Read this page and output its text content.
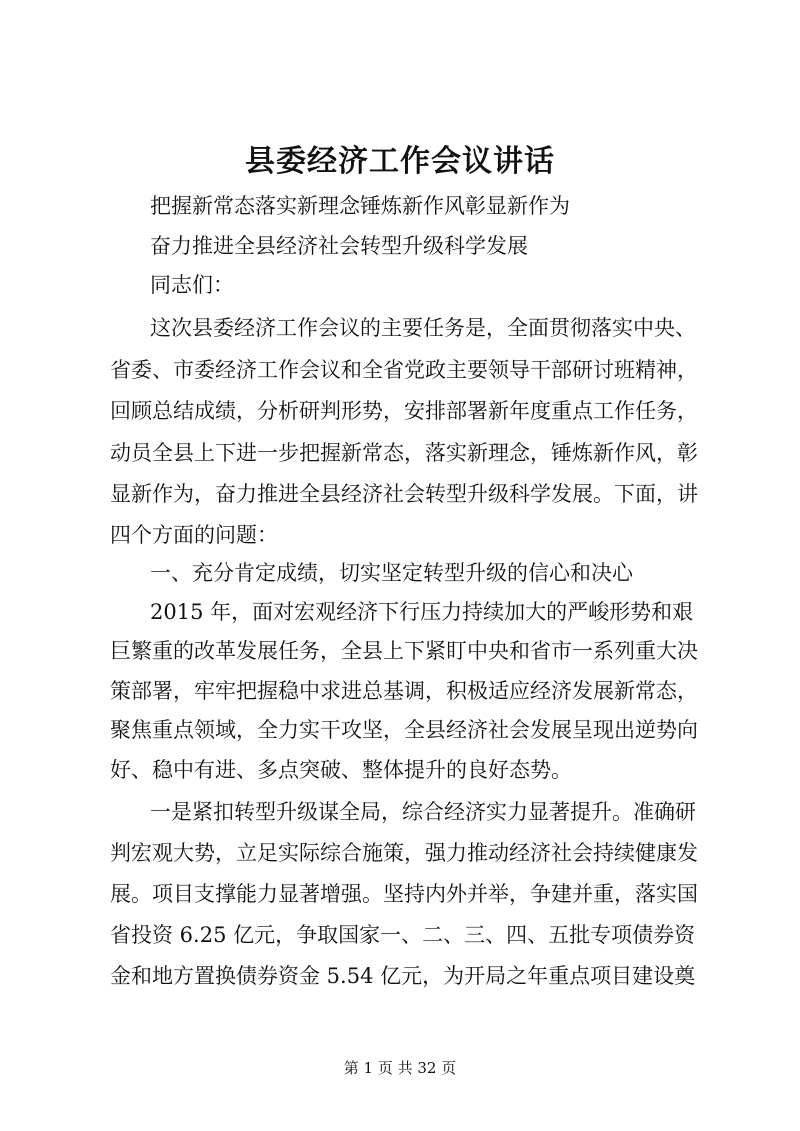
县委经济工作会议讲话
把握新常态落实新理念锤炼新作风彰显新作为
奋力推进全县经济社会转型升级科学发展
同志们：
这次县委经济工作会议的主要任务是，全面贯彻落实中央、
省委、市委经济工作会议和全省党政主要领导干部研讨班精神，
回顾总结成绩，分析研判形势，安排部署新年度重点工作任务，
动员全县上下进一步把握新常态，落实新理念，锤炼新作风，彰
显新作为，奋力推进全县经济社会转型升级科学发展。下面，讲
四个方面的问题：
一、充分肯定成绩，切实坚定转型升级的信心和决心
2015 年，面对宏观经济下行压力持续加大的严峻形势和艰
巨繁重的改革发展任务，全县上下紧盯中央和省市一系列重大决
策部署，牢牢把握稳中求进总基调，积极适应经济发展新常态，
聚焦重点领域，全力实干攻坚，全县经济社会发展呈现出逆势向
好、稳中有进、多点突破、整体提升的良好态势。
一是紧扣转型升级谋全局，综合经济实力显著提升。准确研
判宏观大势，立足实际综合施策，强力推动经济社会持续健康发
展。项目支撑能力显著增强。坚持内外并举，争建并重，落实国
省投资 6.25 亿元，争取国家一、二、三、四、五批专项债券资
金和地方置换债券资金 5.54 亿元，为开局之年重点项目建设奠
第 1 页 共 32 页
